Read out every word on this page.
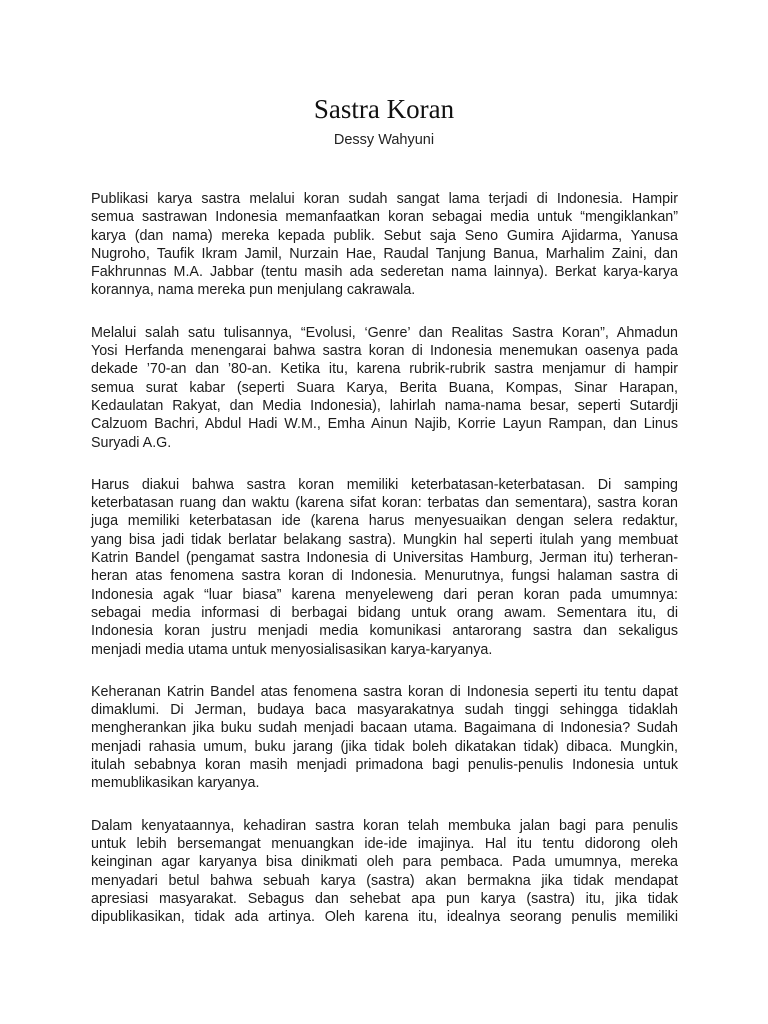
Sastra Koran
Dessy Wahyuni

Publikasi karya sastra melalui koran sudah sangat lama terjadi di Indonesia. Hampir
semua sastrawan Indonesia memanfaatkan koran sebagai media untuk “mengiklankan”
karya (dan nama) mereka kepada publik. Sebut saja Seno Gumira Ajidarma, Yanusa
Nugroho, Taufik Ikram Jamil, Nurzain Hae, Raudal Tanjung Banua, Marhalim Zaini, dan
Fakhrunnas M.A. Jabbar (tentu masih ada sederetan nama lainnya). Berkat karya-karya
korannya, nama mereka pun menjulang cakrawala.

Melalui salah satu tulisannya, “Evolusi, ‘Genre’ dan Realitas Sastra Koran”, Ahmadun
Yosi Herfanda menengarai bahwa sastra koran di Indonesia menemukan oasenya pada
dekade ’70-an dan ’80-an. Ketika itu, karena rubrik-rubrik sastra menjamur di hampir
semua surat kabar (seperti Suara Karya, Berita Buana, Kompas, Sinar Harapan,
Kedaulatan Rakyat, dan Media Indonesia), lahirlah nama-nama besar, seperti Sutardji
Calzuom Bachri, Abdul Hadi W.M., Emha Ainun Najib, Korrie Layun Rampan, dan Linus
Suryadi A.G.

Harus diakui bahwa sastra koran memiliki keterbatasan-keterbatasan. Di samping
keterbatasan ruang dan waktu (karena sifat koran: terbatas dan sementara), sastra koran
juga memiliki keterbatasan ide (karena harus menyesuaikan dengan selera redaktur,
yang bisa jadi tidak berlatar belakang sastra). Mungkin hal seperti itulah yang membuat
Katrin Bandel (pengamat sastra Indonesia di Universitas Hamburg, Jerman itu) terheran-
heran atas fenomena sastra koran di Indonesia. Menurutnya, fungsi halaman sastra di
Indonesia agak “luar biasa” karena menyeleweng dari peran koran pada umumnya:
sebagai media informasi di berbagai bidang untuk orang awam. Sementara itu, di
Indonesia koran justru menjadi media komunikasi antarorang sastra dan sekaligus
menjadi media utama untuk menyosialisasikan karya-karyanya.

Keheranan Katrin Bandel atas fenomena sastra koran di Indonesia seperti itu tentu dapat
dimaklumi. Di Jerman, budaya baca masyarakatnya sudah tinggi sehingga tidaklah
mengherankan jika buku sudah menjadi bacaan utama. Bagaimana di Indonesia? Sudah
menjadi rahasia umum, buku jarang (jika tidak boleh dikatakan tidak) dibaca. Mungkin,
itulah sebabnya koran masih menjadi primadona bagi penulis-penulis Indonesia untuk
memublikasikan karyanya.

Dalam kenyataannya, kehadiran sastra koran telah membuka jalan bagi para penulis
untuk lebih bersemangat menuangkan ide-ide imajinya. Hal itu tentu didorong oleh
keinginan agar karyanya bisa dinikmati oleh para pembaca. Pada umumnya, mereka
menyadari betul bahwa sebuah karya (sastra) akan bermakna jika tidak mendapat
apresiasi masyarakat. Sebagus dan sehebat apa pun karya (sastra) itu, jika tidak
dipublikasikan, tidak ada artinya. Oleh karena itu, idealnya seorang penulis memiliki
